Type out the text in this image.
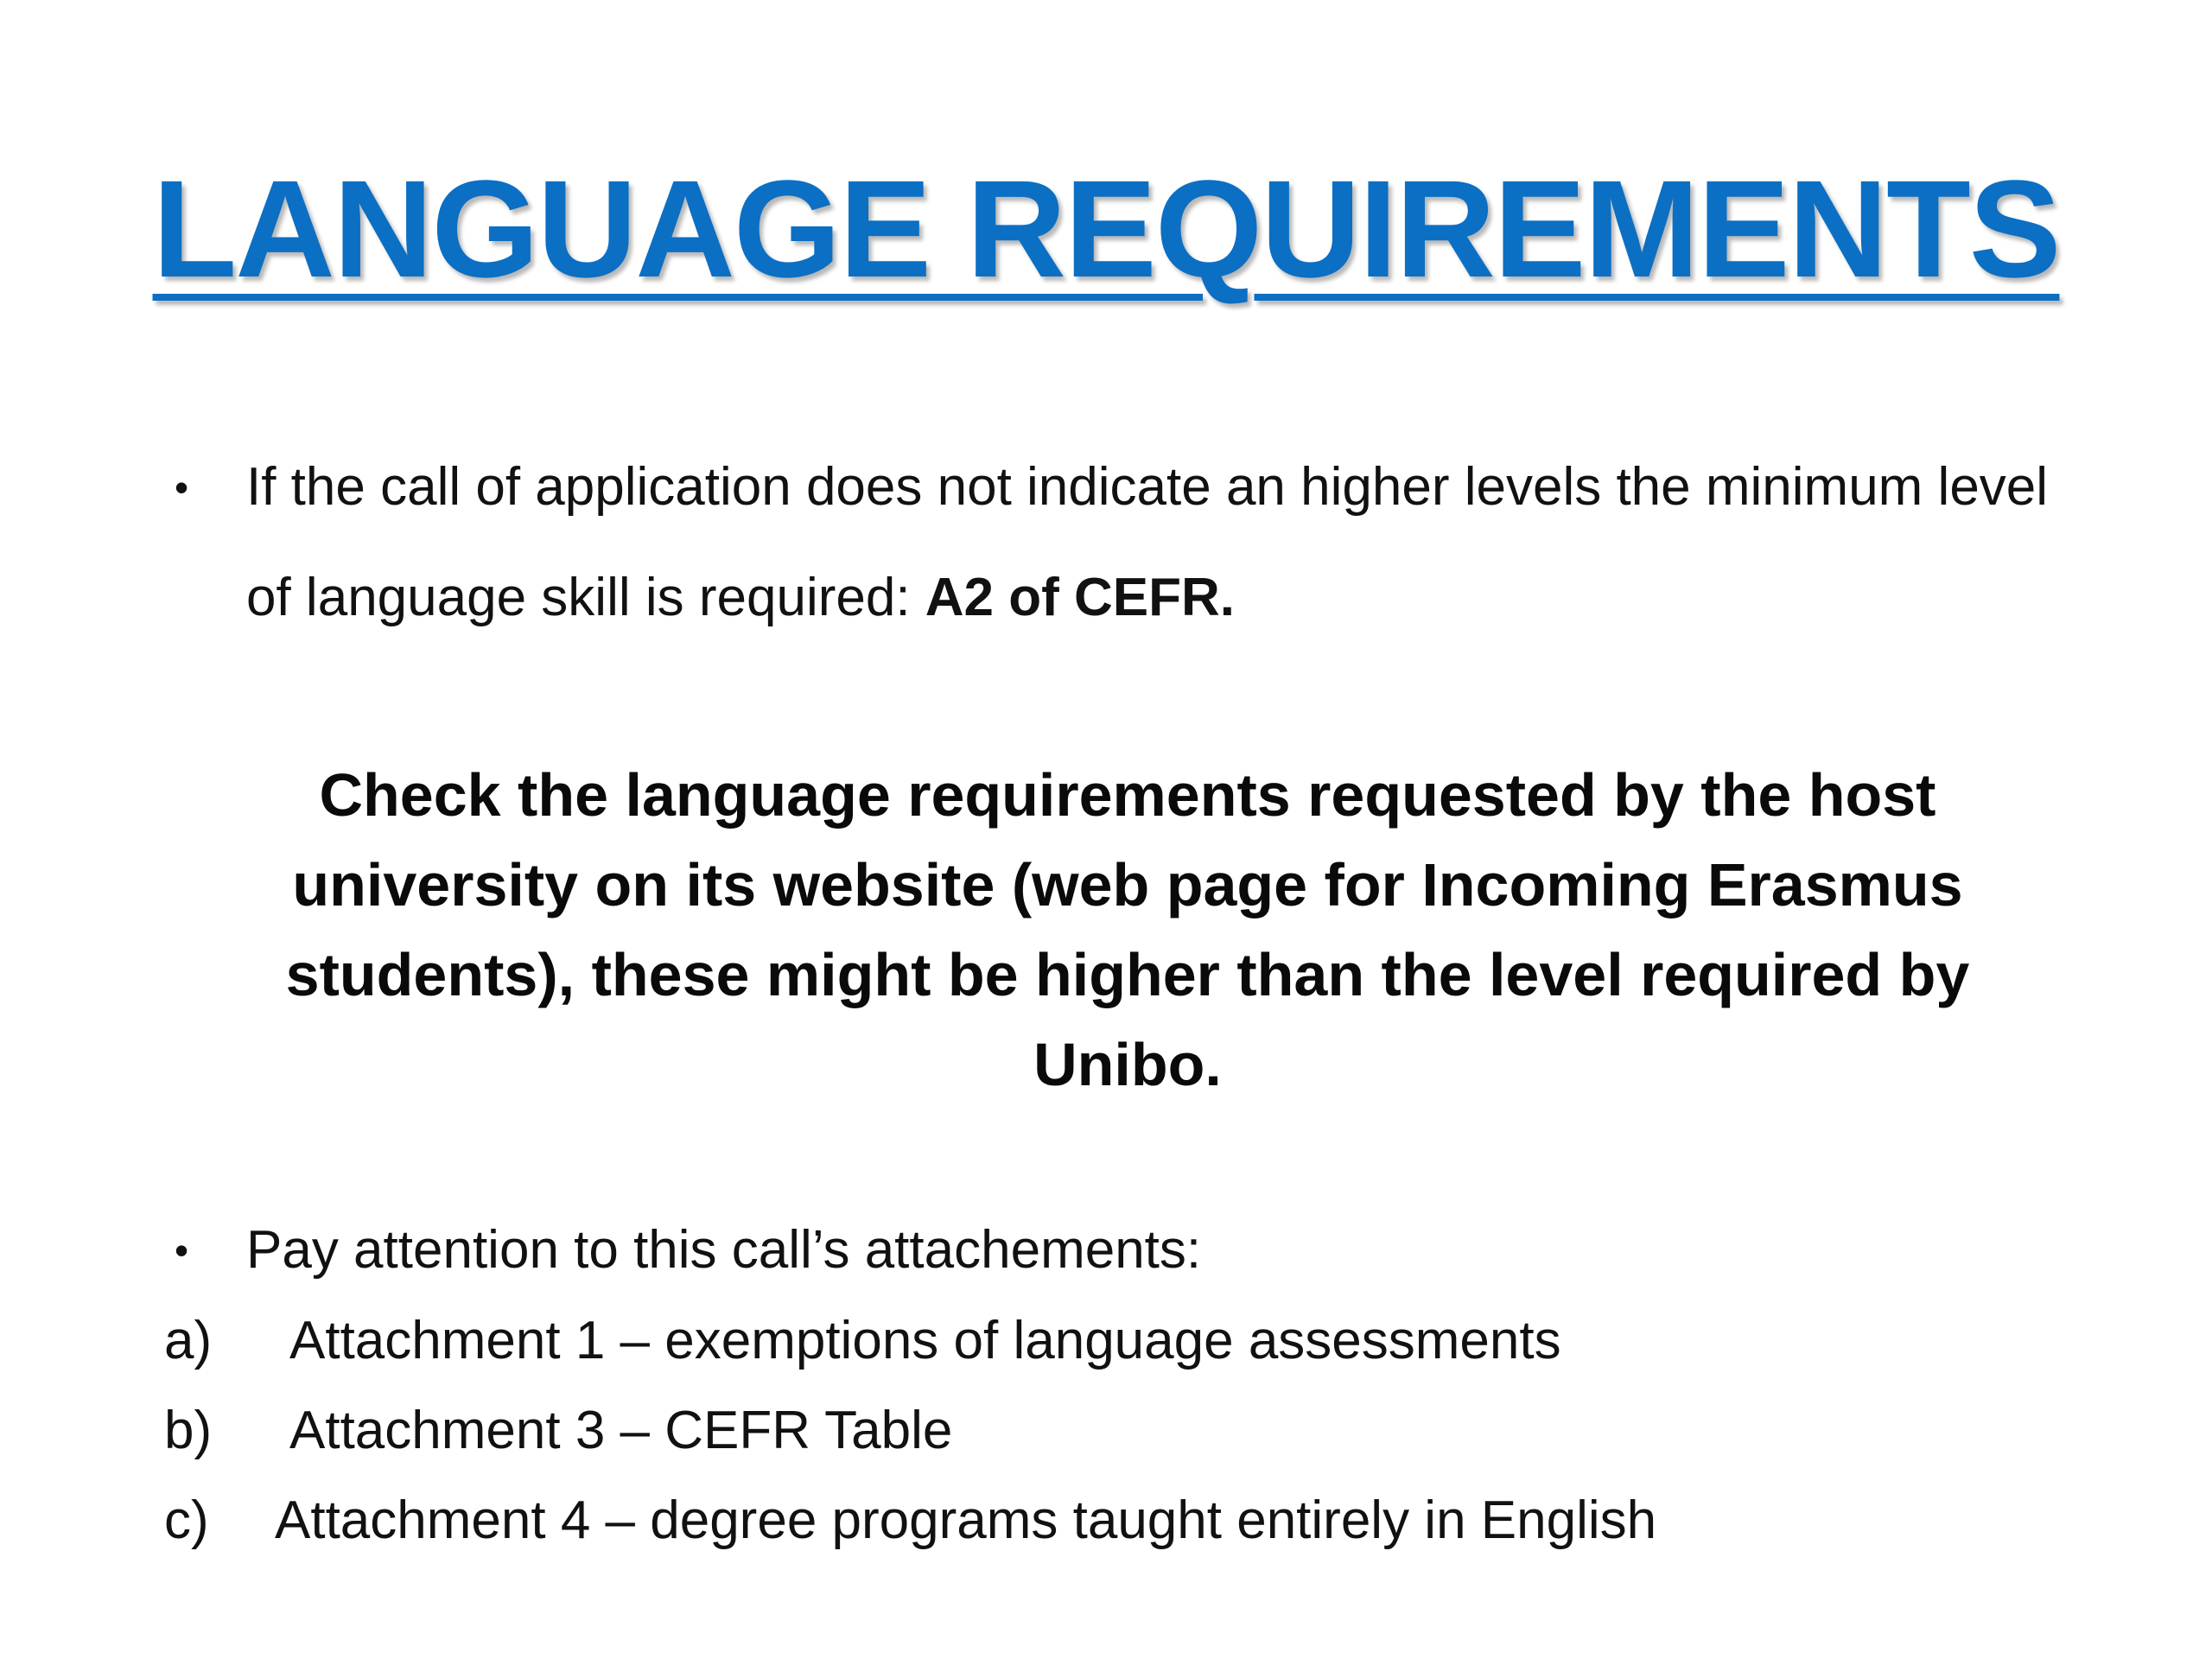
LANGUAGE REQUIREMENTS
• If the call of application does not indicate an higher levels the minimum level of language skill is required: A2 of CEFR.
Check the language requirements requested by the host university on its website (web page for Incoming Erasmus students), these might be higher than the level required by Unibo.
• Pay attention to this call’s attachements:
a)	Attachment 1 – exemptions of language assessments
b)	Attachment 3 – CEFR Table
c)	Attachment 4 – degree programs taught entirely in English
